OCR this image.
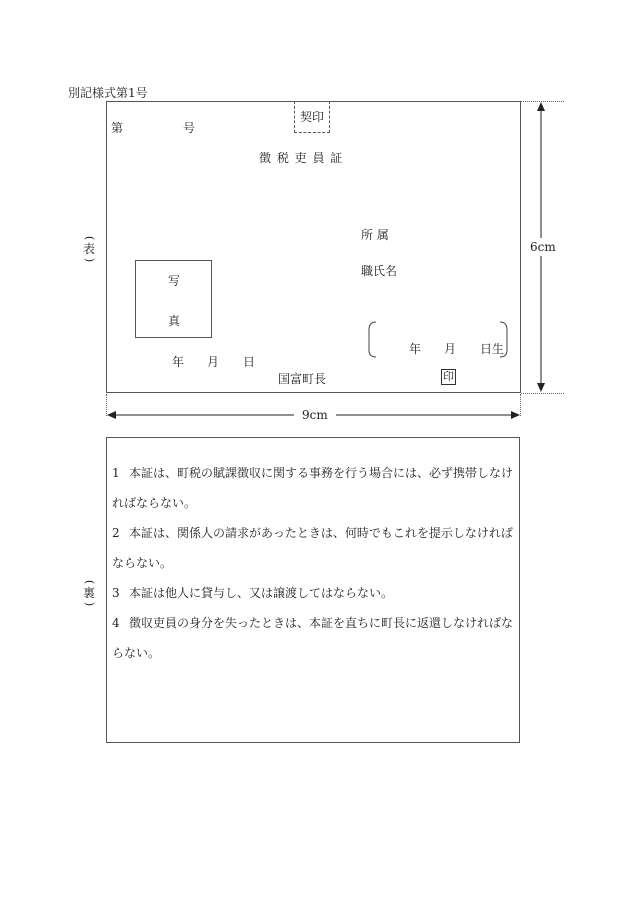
別記様式第1号
契印
第	号
徴 税 吏 員 証
(
表
)
所 属
職氏名
写
真
年 月 日
年 月 日生
国富町長	印
6cm
9cm
(
裏
)

1 本証は、町税の賦課徴収に関する事務を行う場合には、必ず携帯しなければならない。

2 本証は、関係人の請求があったときは、何時でもこれを提示しなければならない。

3 本証は他人に貸与し、又は譲渡してはならない。

4 徴収吏員の身分を失ったときは、本証を直ちに町長に返還しなければならない。
